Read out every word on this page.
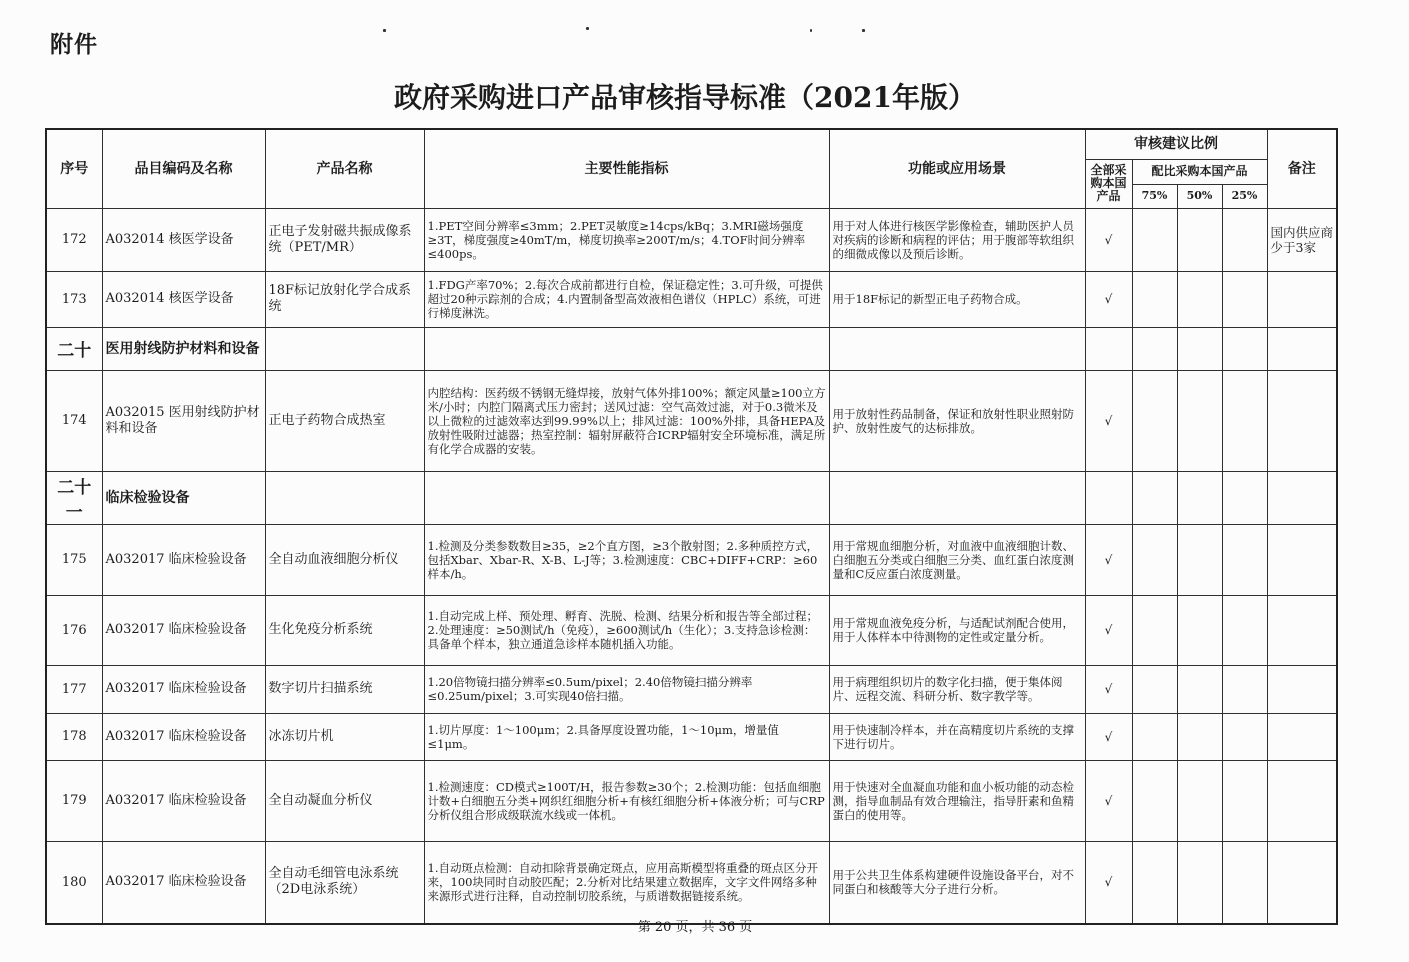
附件
政府采购进口产品审核指导标准（2021年版）
序号	品目编码及名称	产品名称	主要性能指标	功能或应用场景	审核建议比例				备注
					全部采购本国产品	配比采购本国产品			
						75%	50%	25%	
172	A032014 核医学设备	正电子发射磁共振成像系统（PET/MR）	1.PET空间分辨率≤3mm；2.PET灵敏度≥14cps/kBq；3.MRI磁场强度≥3T，梯度强度≥40mT/m，梯度切换率≥200T/m/s；4.TOF时间分辨率≤400ps。	用于对人体进行核医学影像检查，辅助医护人员对疾病的诊断和病程的评估；用于腹部等软组织的细微成像以及预后诊断。	√				国内供应商少于3家
173	A032014 核医学设备	18F标记放射化学合成系统	1.FDG产率70%；2.每次合成前都进行自检，保证稳定性；3.可升级，可提供超过20种示踪剂的合成；4.内置制备型高效液相色谱仪（HPLC）系统，可进行梯度淋洗。	用于18F标记的新型正电子药物合成。	√				
二十	医用射线防护材料和设备								
174	A032015 医用射线防护材料和设备	正电子药物合成热室	内腔结构：医药级不锈钢无缝焊接，放射气体外排100%；额定风量≥100立方米/小时；内腔门隔离式压力密封；送风过滤：空气高效过滤，对于0.3微米及以上微粒的过滤效率达到99.99%以上；排风过滤：100%外排，具备HEPA及放射性吸附过滤器；热室控制：辐射屏蔽符合ICRP辐射安全环境标准，满足所有化学合成器的安装。	用于放射性药品制备，保证和放射性职业照射防护、放射性废气的达标排放。	√				
二十一	临床检验设备								
175	A032017 临床检验设备	全自动血液细胞分析仪	1.检测及分类参数数目≥35，≥2个直方图，≥3个散射图；2.多种质控方式，包括Xbar、Xbar-R、X-B、L-J等；3.检测速度：CBC+DIFF+CRP：≥60样本/h。	用于常规血细胞分析，对血液中血液细胞计数、白细胞五分类或白细胞三分类、血红蛋白浓度测量和C反应蛋白浓度测量。	√				
176	A032017 临床检验设备	生化免疫分析系统	1.自动完成上样、预处理、孵育、洗脱、检测、结果分析和报告等全部过程；2.处理速度：≥50测试/h（免疫），≥600测试/h（生化）；3.支持急诊检测：具备单个样本，独立通道急诊样本随机插入功能。	用于常规血液免疫分析，与适配试剂配合使用，用于人体样本中待测物的定性或定量分析。	√				
177	A032017 临床检验设备	数字切片扫描系统	1.20倍物镜扫描分辨率≤0.5um/pixel；2.40倍物镜扫描分辨率≤0.25um/pixel；3.可实现40倍扫描。	用于病理组织切片的数字化扫描，便于集体阅片、远程交流、科研分析、数字教学等。	√				
178	A032017 临床检验设备	冰冻切片机	1.切片厚度：1～100μm；2.具备厚度设置功能，1～10μm，增量值≤1μm。	用于快速制冷样本，并在高精度切片系统的支撑下进行切片。	√				
179	A032017 临床检验设备	全自动凝血分析仪	1.检测速度：CD模式≥100T/H，报告参数≥30个；2.检测功能：包括血细胞计数+白细胞五分类+网织红细胞分析+有核红细胞分析+体液分析；可与CRP分析仪组合形成级联流水线或一体机。	用于快速对全血凝血功能和血小板功能的动态检测，指导血制品有效合理输注，指导肝素和鱼精蛋白的使用等。	√				
180	A032017 临床检验设备	全自动毛细管电泳系统（2D电泳系统）	1.自动斑点检测：自动扣除背景确定斑点，应用高斯模型将重叠的斑点区分开来，100块同时自动胶匹配；2.分析对比结果建立数据库，文字文件网络多种来源形式进行注释，自动控制切胶系统，与质谱数据链接系统。	用于公共卫生体系构建硬件设施设备平台，对不同蛋白和核酸等大分子进行分析。	√				
第 20 页，共 36 页
